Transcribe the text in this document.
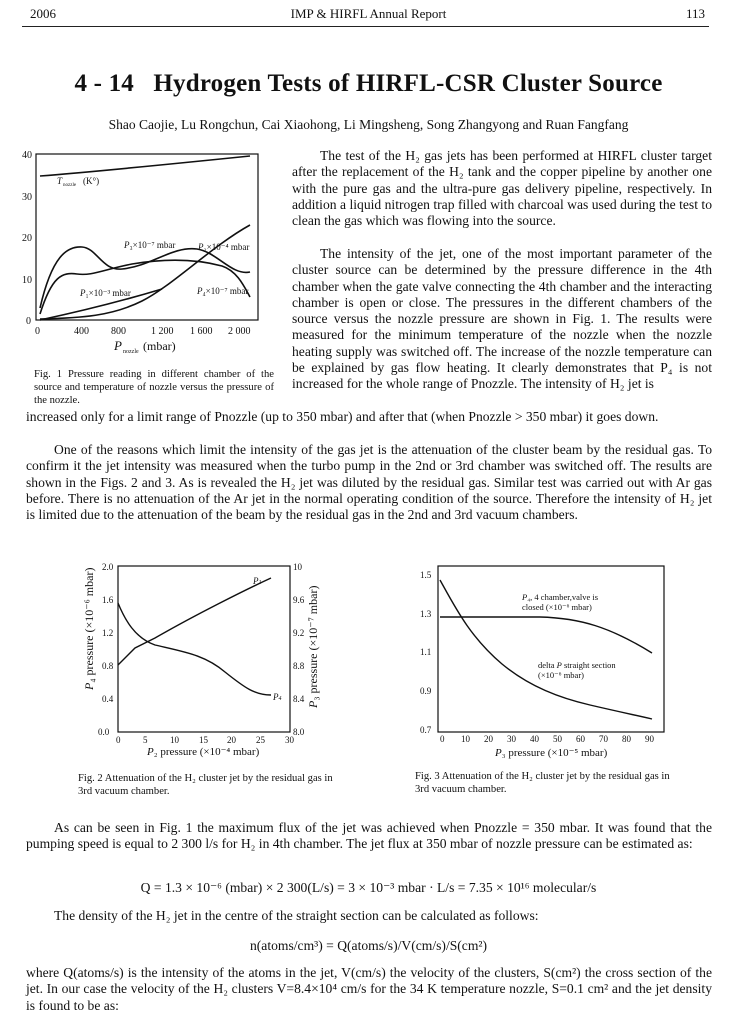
2006	IMP & HIRFL Annual Report	113
4 - 14 Hydrogen Tests of HIRFL-CSR Cluster Source
Shao Caojie, Lu Rongchun, Cai Xiaohong, Li Mingsheng, Song Zhangyong and Ruan Fangfang
40
30
20
10
0
0	400 800	1 200 1 600 2 000
P nozzle (mbar)
T nozzle (K°)
P₂×10⁻⁴ mbar
P₃×10⁻⁷ mbar
P₁×10⁻³ mbar	P₄×10⁻⁷ mbar
Fig. 1 Pressure reading in different chamber of the source and temperature of nozzle versus the pressure of the nozzle.
The test of the H₂ gas jets has been performed at HIRFL cluster target after the replacement of the H₂ tank and the copper pipeline by another one with the pure gas and the ultra-pure gas delivery pipeline, respectively. In addition a liquid nitrogen trap filled with charcoal was used during the test to clean the gas which was flowing into the source.
The intensity of the jet, one of the most important parameter of the cluster source can be determined by the pressure difference in the 4th chamber when the gate valve connecting the 4th chamber and the interacting chamber is open or close. The pressures in the different chambers of the source versus the nozzle pressure are shown in Fig. 1. The results were measured for the minimum temperature of the nozzle when the nozzle heating supply was switched off. The increase of the nozzle temperature can be explained by gas flow heating. It clearly demonstrates that P₄ is not increased for the whole range of Pnozzle. The intensity of H₂ jet is
increased only for a limit range of Pnozzle (up to 350 mbar) and after that (when Pnozzle > 350 mbar) it goes down.
One of the reasons which limit the intensity of the gas jet is the attenuation of the cluster beam by the residual gas. To confirm it the jet intensity was measured when the turbo pump in the 2nd or 3rd chamber was switched off. The results are shown in the Figs. 2 and 3. As is revealed the H₂ jet was diluted by the residual gas. Similar test was carried out with Ar gas before. There is no attenuation of the Ar jet in the normal operating condition of the source. Therefore the intensity of H₂ jet is limited due to the attenuation of the beam by the residual gas in the 2nd and 3rd vacuum chambers.
2.0
1.6
1.2
0.8
0.4
0.0
10
9.6
9.2
8.8
8.4
8.0
0	5	10 15 20 25 30
P₂ pressure (×10⁻⁴ mbar)
P₄ pressure (×10⁻⁶ mbar)
P₃ pressure (×10⁻⁷ mbar)
P1
P4
Fig. 2 Attenuation of the H₂ cluster jet by the residual gas in 3rd vacuum chamber.
1.5
1.3
1.1
0.9
0.7
0 10 20 30 40 50 60 70 80 90
P₃ pressure (×10⁻⁵ mbar)
P₄, 4 chamber,valve is
closed (×10⁻⁶ mbar)
delta P straight section
(×10⁻⁶ mbar)
Fig. 3 Attenuation of the H₂ cluster jet by the residual gas in 3rd vacuum chamber.
As can be seen in Fig. 1 the maximum flux of the jet was achieved when Pnozzle = 350 mbar. It was found that the pumping speed is equal to 2 300 l/s for H₂ in 4th chamber. The jet flux at 350 mbar of nozzle pressure can be estimated as:
Q = 1.3 × 10⁻⁶ (mbar) × 2 300(L/s) = 3 × 10⁻³ mbar · L/s = 7.35 × 10¹⁶ molecular/s
The density of the H₂ jet in the centre of the straight section can be calculated as follows:
n(atoms/cm³) = Q(atoms/s)/V(cm/s)/S(cm²)
where Q(atoms/s) is the intensity of the atoms in the jet, V(cm/s) the velocity of the clusters, S(cm²) the cross section of the jet. In our case the velocity of the H₂ clusters V=8.4×10⁴ cm/s for the 34 K temperature nozzle, S=0.1 cm² and the jet density is found to be as:
